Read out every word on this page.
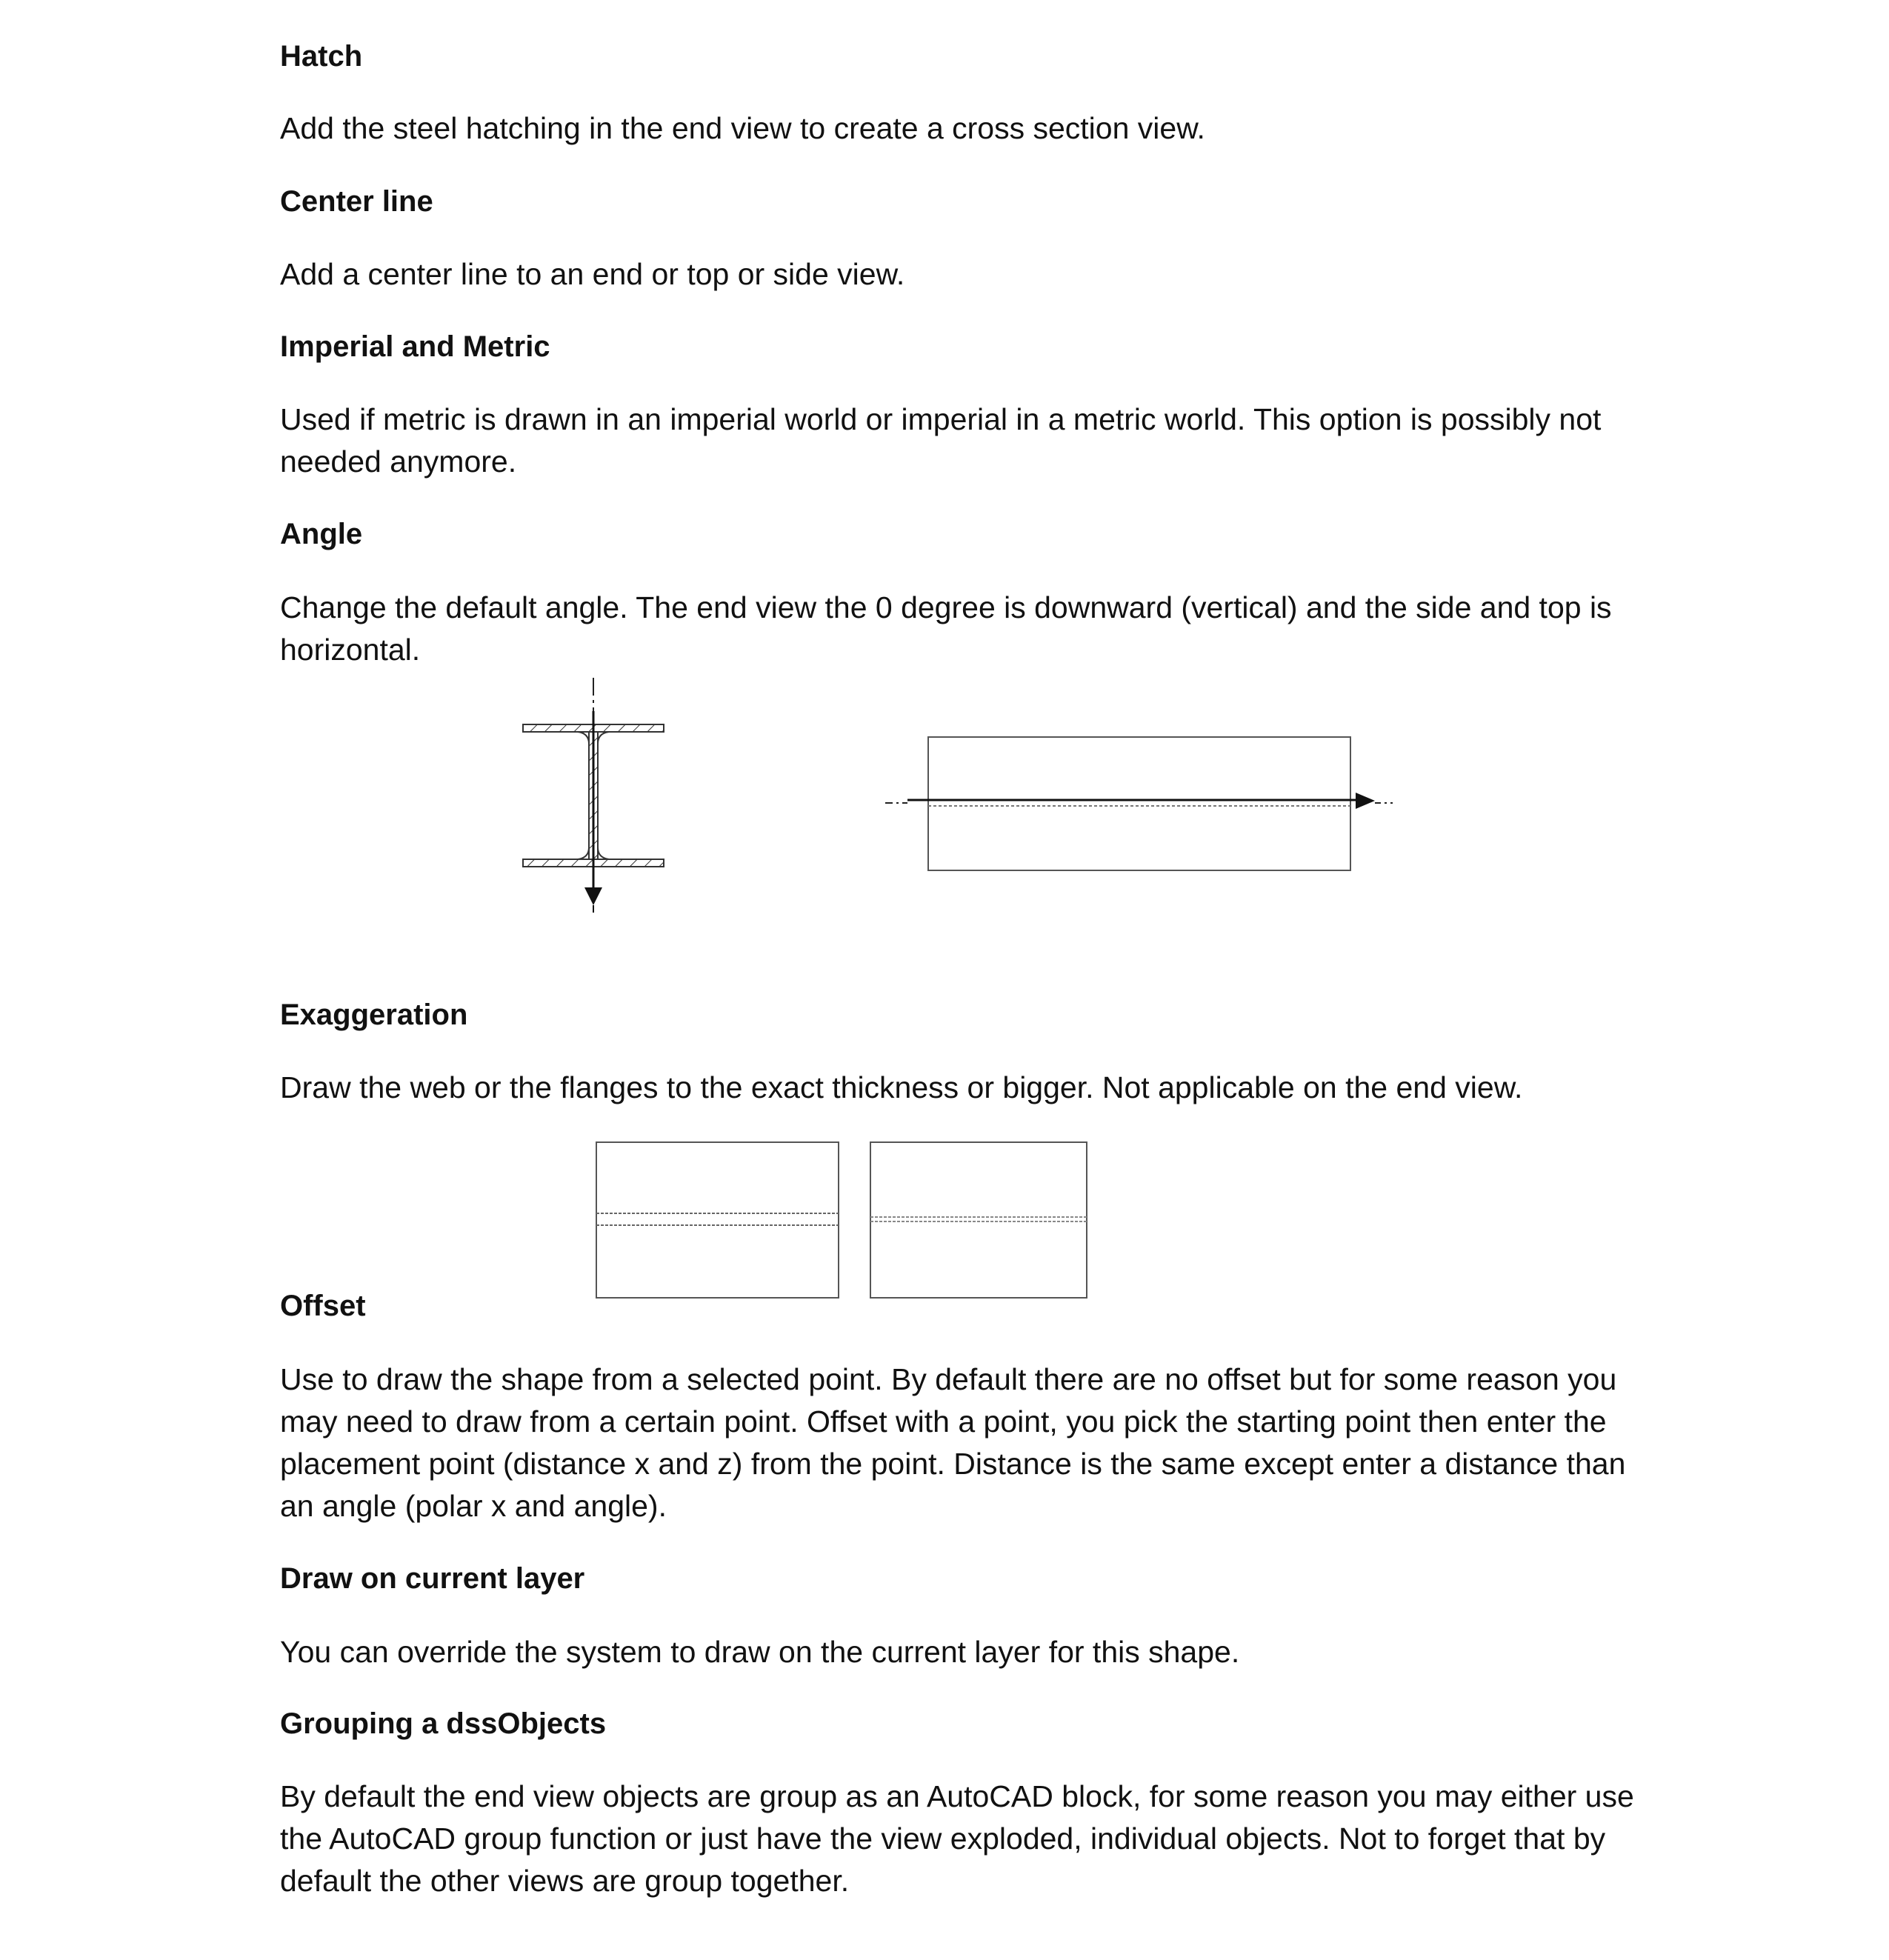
Hatch

Add the steel hatching in the end view to create a cross section view.

Center line

Add a center line to an end or top or side view.

Imperial and Metric

Used if metric is drawn in an imperial world or imperial in a metric world. This option is possibly not needed anymore.

Angle

Change the default angle. The end view the 0 degree is downward (vertical) and the side and top is horizontal.

Exaggeration

Draw the web or the flanges to the exact thickness or bigger. Not applicable on the end view.

Offset

Use to draw the shape from a selected point. By default there are no offset but for some reason you may need to draw from a certain point. Offset with a point, you pick the starting point then enter the placement point (distance x and z) from the point. Distance is the same except enter a distance than an angle (polar x and angle).

Draw on current layer

You can override the system to draw on the current layer for this shape.

Grouping a dssObjects

By default the end view objects are group as an AutoCAD block, for some reason you may either use the AutoCAD group function or just have the view exploded, individual objects. Not to forget that by default the other views are group together.
